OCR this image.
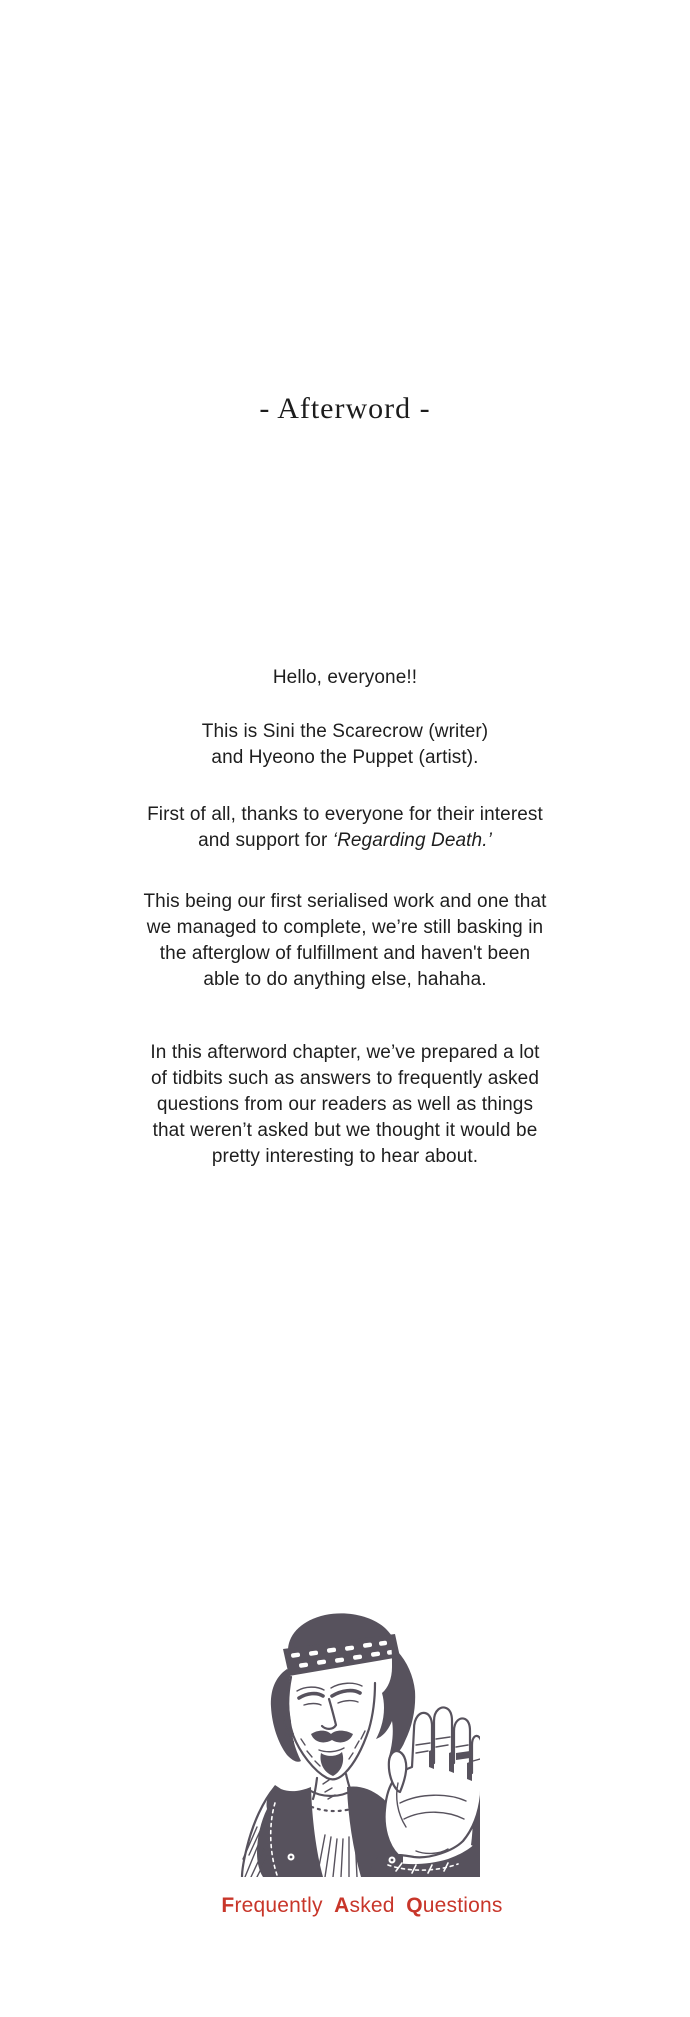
- Afterword -

Hello, everyone!!

This is Sini the Scarecrow (writer)
and Hyeono the Puppet (artist).

First of all, thanks to everyone for their interest
and support for ‘Regarding Death.’

This being our first serialised work and one that
we managed to complete, we’re still basking in
the afterglow of fulfillment and haven't been
able to do anything else, hahaha.

In this afterword chapter, we’ve prepared a lot
of tidbits such as answers to frequently asked
questions from our readers as well as things
that weren’t asked but we thought it would be
pretty interesting to hear about.

Frequently Asked Questions
